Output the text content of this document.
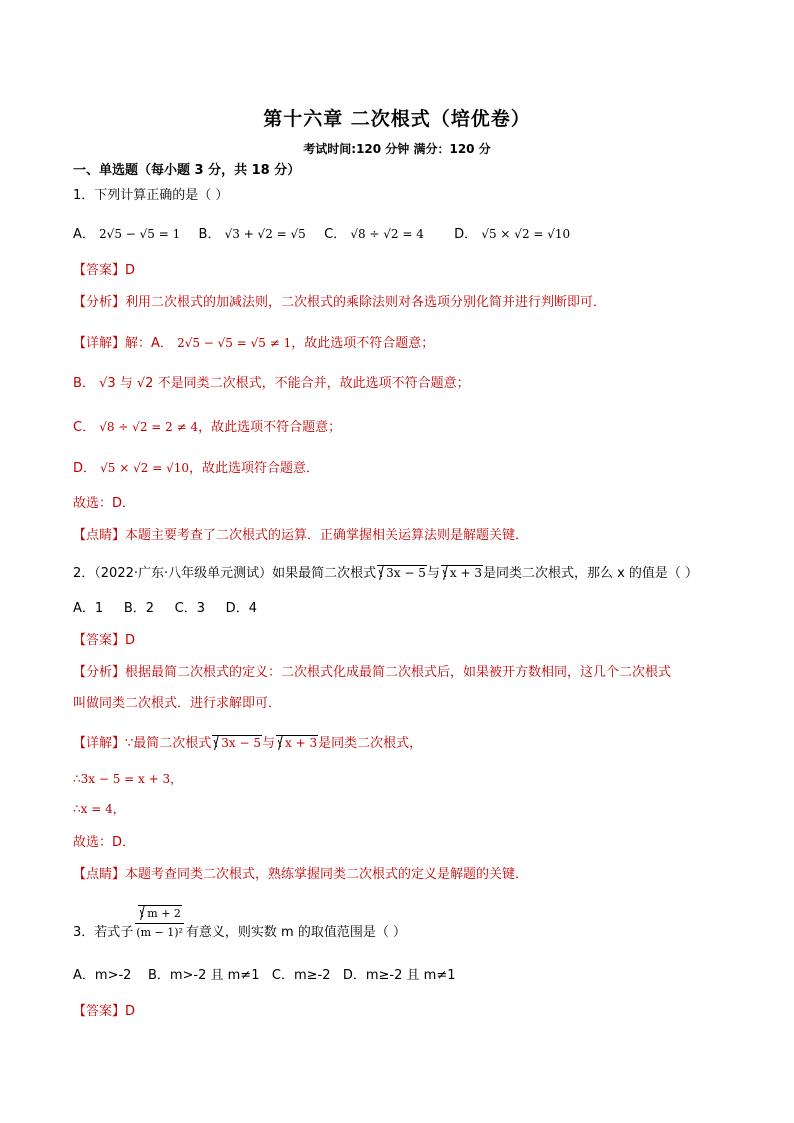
第十六章 二次根式（培优卷）
考试时间:120 分钟 满分：120 分
一、单选题（每小题 3 分，共 18 分）
1．下列计算正确的是（ ）
A． 2√5 − √5 = 1 B． √3 + √2 = √5 C． √8 ÷ √2 = 4 D． √5 × √2 = √10
【答案】D
【分析】利用二次根式的加减法则，二次根式的乘除法则对各选项分别化简并进行判断即可．
【详解】解：A． 2√5 − √5 = √5 ≠ 1，故此选项不符合题意；
B． √3 与 √2 不是同类二次根式，不能合并，故此选项不符合题意；
C． √8 ÷ √2 = 2 ≠ 4，故此选项不符合题意；
D． √5 × √2 = √10，故此选项符合题意．
故选：D．
【点睛】本题主要考查了二次根式的运算．正确掌握相关运算法则是解题关键．
2．（2022·广东·八年级单元测试）如果最简二次根式 3x − 5与 x + 3是同类二次根式，那么 x 的值是（ ）
A．1     B．2     C．3     D．4
【答案】D
【分析】根据最简二次根式的定义：二次根式化成最简二次根式后，如果被开方数相同，这几个二次根式
叫做同类二次根式．进行求解即可．
【详解】∵最简二次根式 3x − 5与 x + 3是同类二次根式，
∴3x − 5 = x + 3，
∴x = 4，
故选：D．
【点睛】本题考查同类二次根式，熟练掌握同类二次根式的定义是解题的关键．
3．若式子 $\frac{m + 2}{\text{(m − 1)²}}$ 有意义，则实数 m 的取值范围是（ ）
A．m>-2    B．m>-2 且 m≠1   C．m≥-2   D．m≥-2 且 m≠1
【答案】D
